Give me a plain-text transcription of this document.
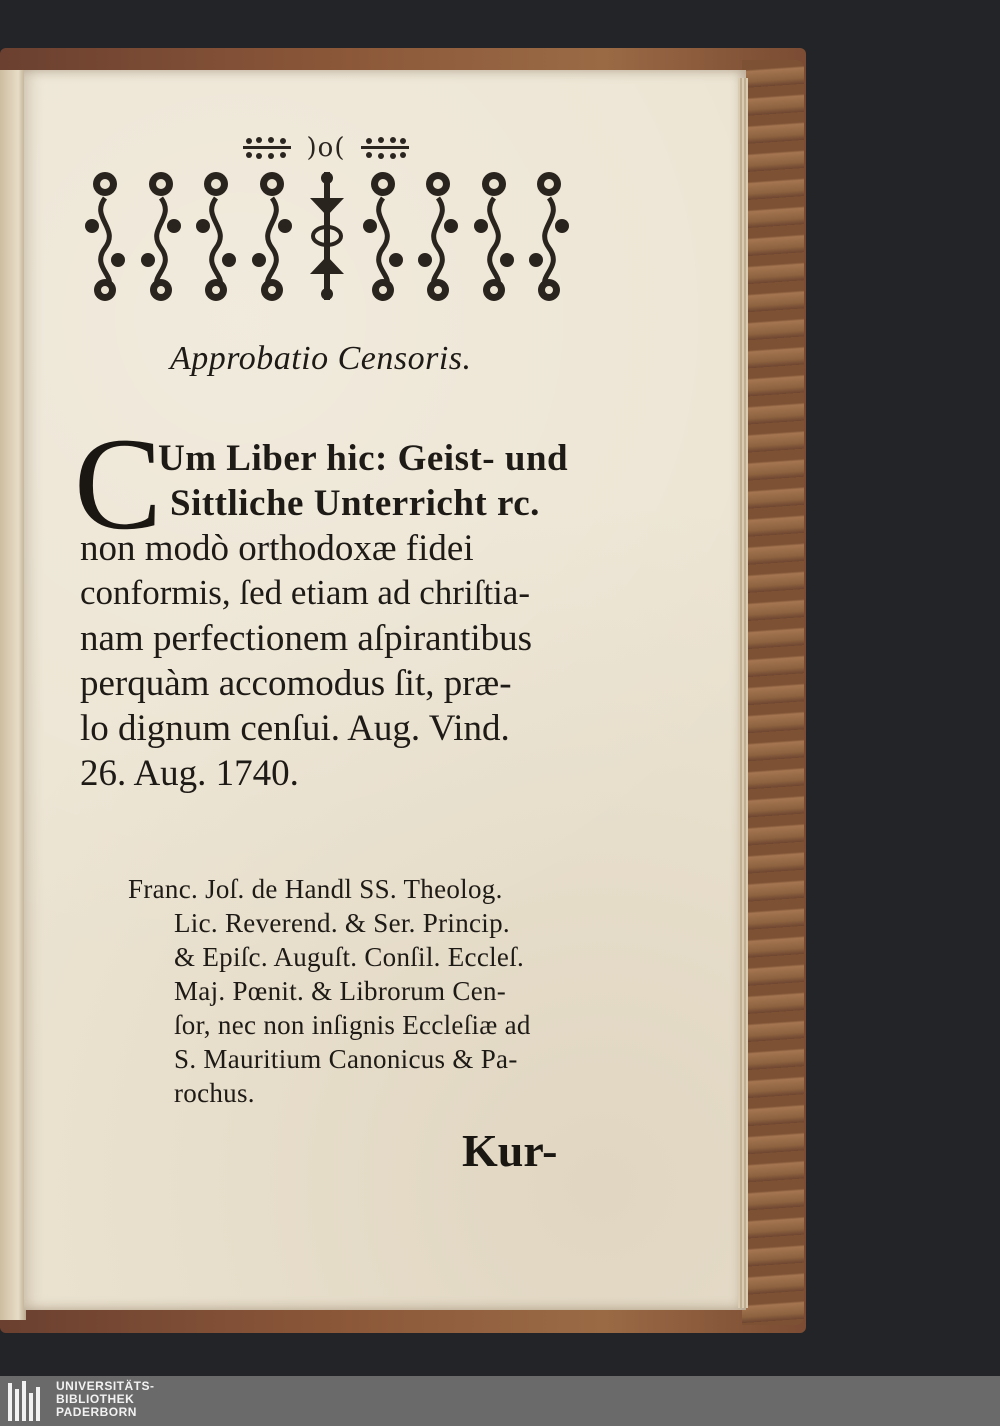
)o(
Approbatio Censoris.
C
Um Liber hic: Geist- und
Sittliche Unterricht rc.
non modò orthodoxæ fidei
conformis, ſed etiam ad chriſtia-
nam perfectionem aſpirantibus
perquàm accomodus ſit, præ-
lo dignum cenſui. Aug. Vind.
26. Aug. 1740.
Franc. Joſ. de Handl SS. Theolog.
Lic. Reverend. & Ser. Princip.
& Epiſc. Auguſt. Conſil. Eccleſ.
Maj. Pœnit. & Librorum Cen-
ſor, nec non inſignis Eccleſiæ ad
S. Mauritium Canonicus & Pa-
rochus.
Kur-
UNIVERSITÄTS-
BIBLIOTHEK
PADERBORN
